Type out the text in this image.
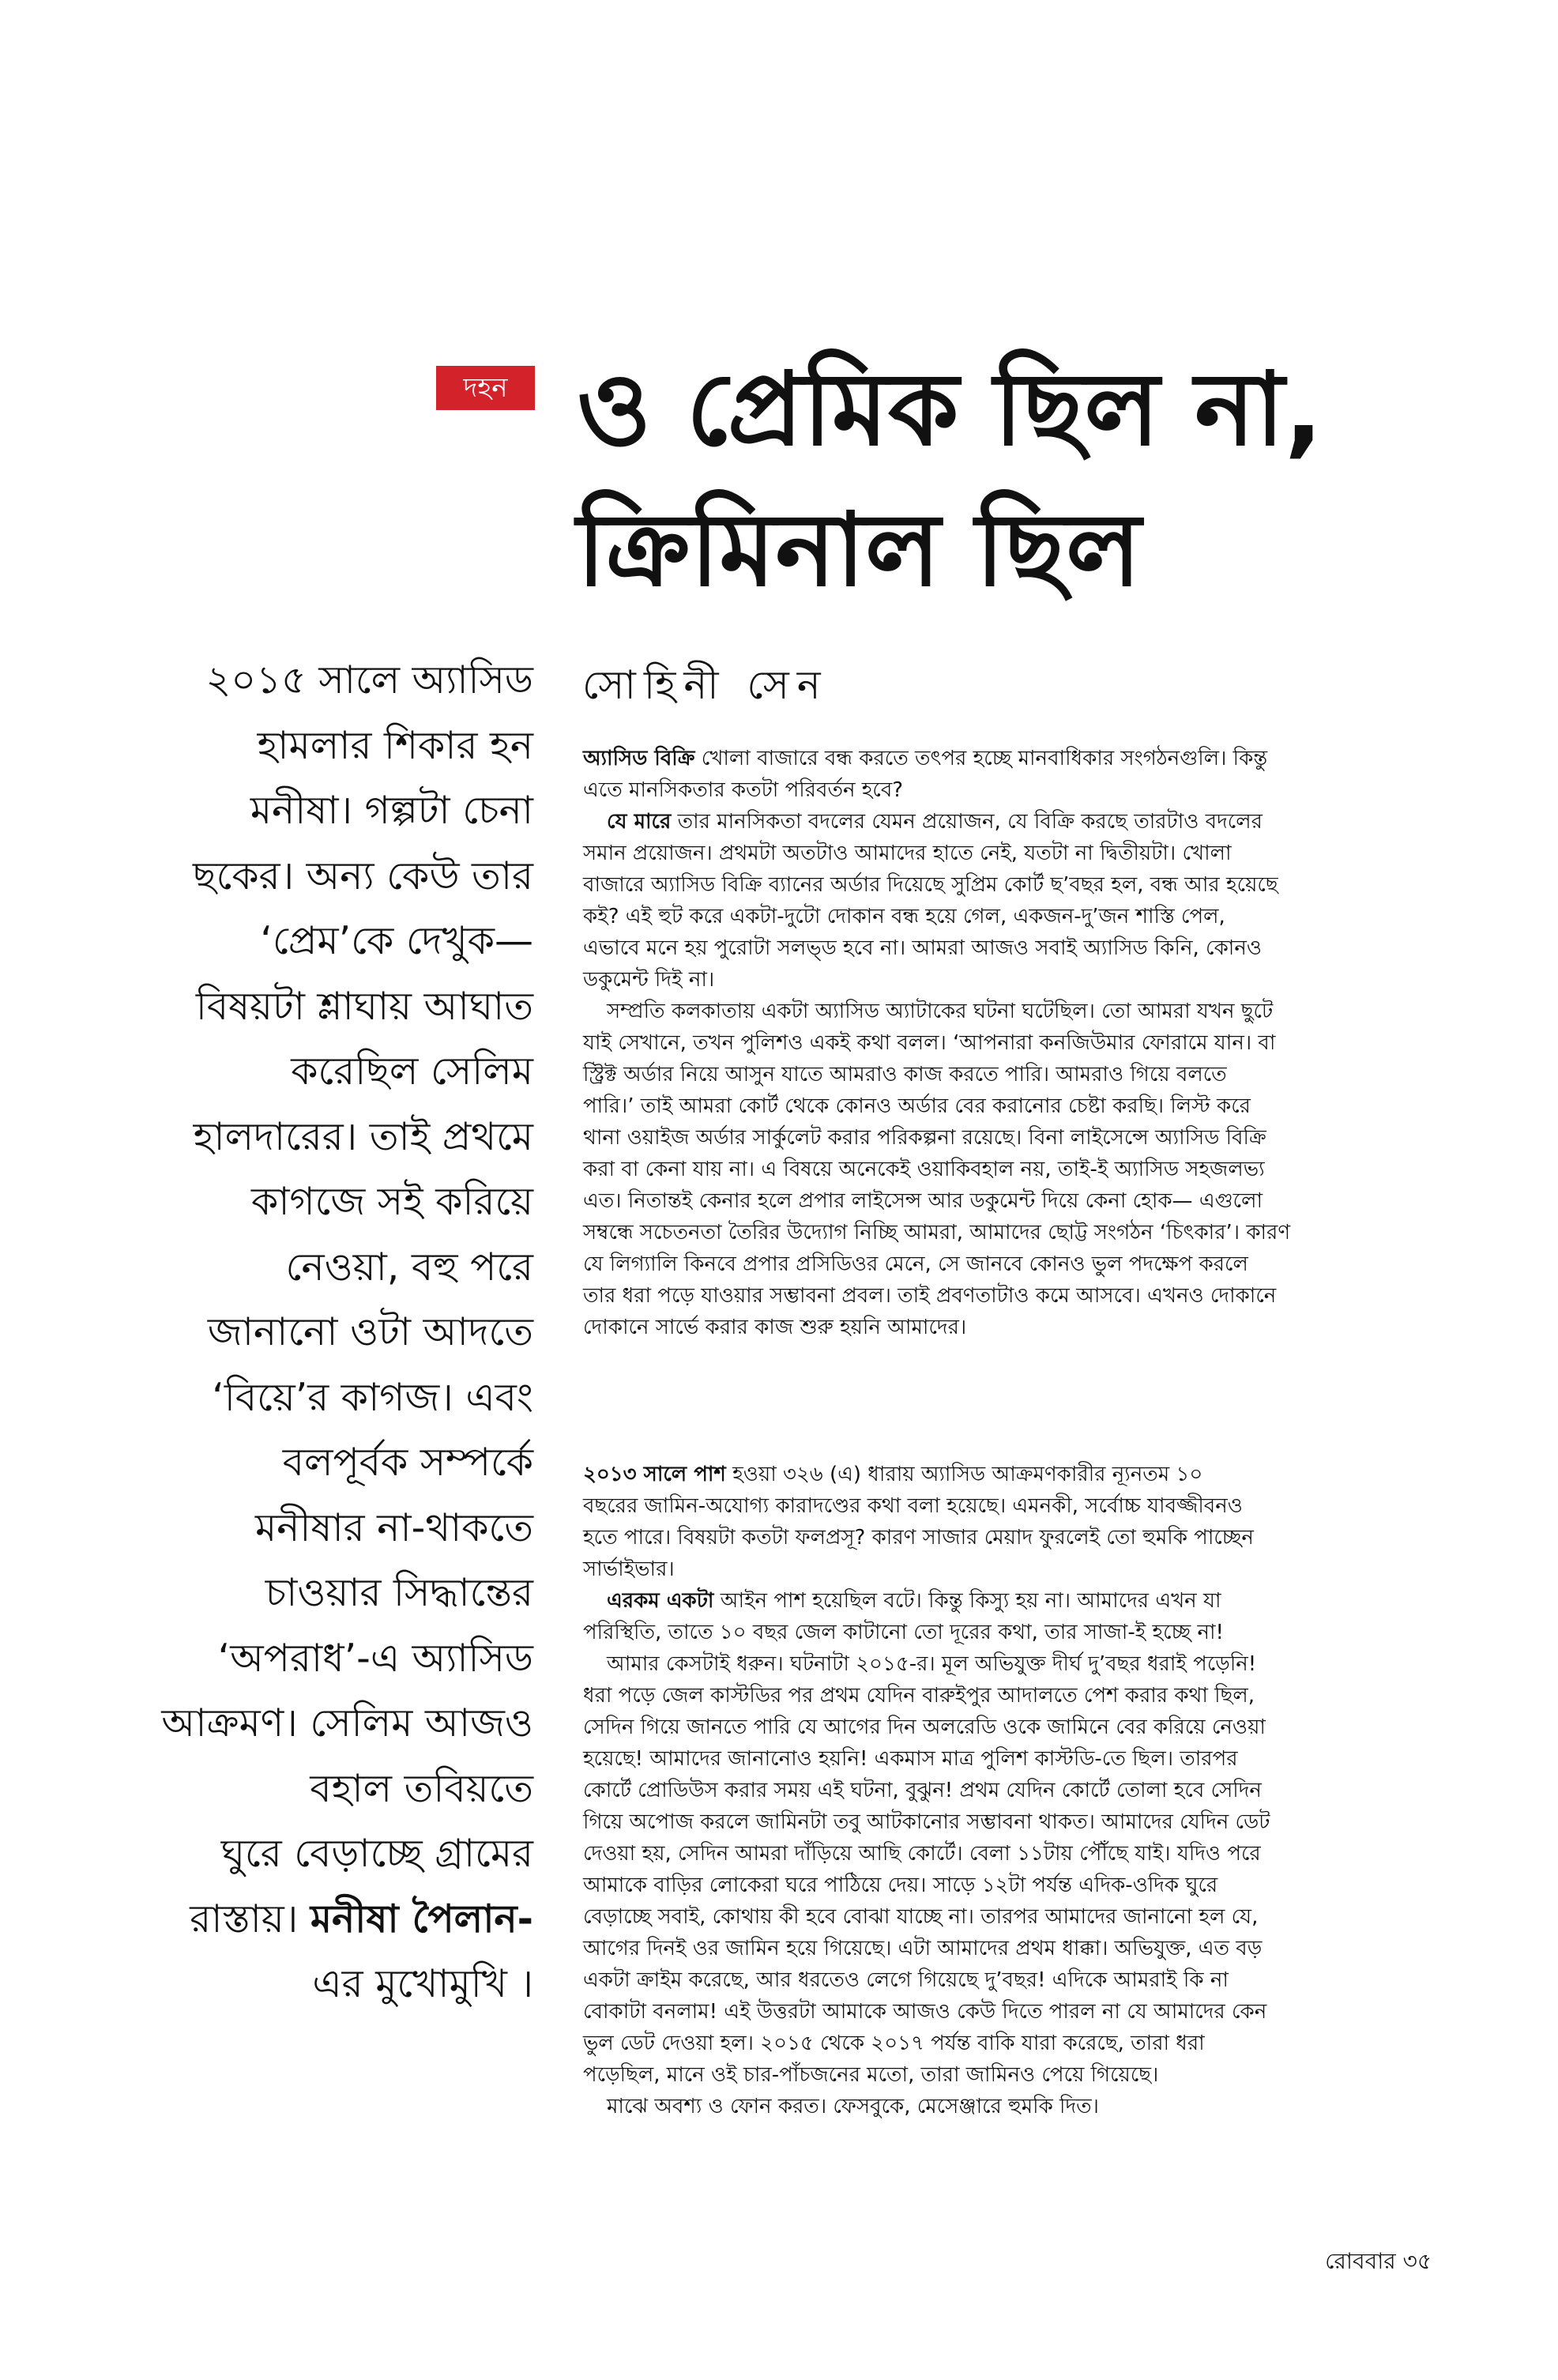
দহন ও প্রেমিক ছিল না,
ক্রিমিনাল ছিল
২০১৫ সালে অ্যাসিড
হামলার শিকার হন
মনীষা। গল্পটা চেনা
ছকের। অন্য কেউ তার
‘প্রেম’কে দেখুক—
বিষয়টা শ্লাঘায় আঘাত
করেছিল সেলিম
হালদারের। তাই প্রথমে
কাগজে সই করিয়ে
নেওয়া, বহু পরে
জানানো ওটা আদতে
‘বিয়ে’র কাগজ। এবং
বলপূর্বক সম্পর্কে
মনীষার না-থাকতে
চাওয়ার সিদ্ধান্তের
‘অপরাধ’-এ অ্যাসিড
আক্রমণ। সেলিম আজও
বহাল তবিয়তে
ঘুরে বেড়াচ্ছে গ্রামের
রাস্তায়। মনীষা পৈলান-
এর মুখোমুখি ।
সোহিনী সেন

অ্যাসিড বিক্রি খোলা বাজারে বন্ধ করতে তৎপর হচ্ছে মানবাধিকার সংগঠনগুলি। কিন্তু
এতে মানসিকতার কতটা পরিবর্তন হবে?

যে মারে তার মানসিকতা বদলের যেমন প্রয়োজন, যে বিক্রি করছে তারটাও বদলের
সমান প্রয়োজন। প্রথমটা অতটাও আমাদের হাতে নেই, যতটা না দ্বিতীয়টা। খোলা
বাজারে অ্যাসিড বিক্রি ব্যানের অর্ডার দিয়েছে সুপ্রিম কোর্ট ছ’বছর হল, বন্ধ আর হয়েছে
কই? এই হুট করে একটা-দুটো দোকান বন্ধ হয়ে গেল, একজন-দু’জন শাস্তি পেল,
এভাবে মনে হয় পুরোটা সলভ্‌ড হবে না। আমরা আজও সবাই অ্যাসিড কিনি, কোনও
ডকুমেন্ট দিই না।

সম্প্রতি কলকাতায় একটা অ্যাসিড অ্যাটাকের ঘটনা ঘটেছিল। তো আমরা যখন ছুটে
যাই সেখানে, তখন পুলিশও একই কথা বলল। ‘আপনারা কনজিউমার ফোরামে যান। বা
স্ট্রিক্ট অর্ডার নিয়ে আসুন যাতে আমরাও কাজ করতে পারি। আমরাও গিয়ে বলতে
পারি।’ তাই আমরা কোর্ট থেকে কোনও অর্ডার বের করানোর চেষ্টা করছি। লিস্ট করে
থানা ওয়াইজ অর্ডার সার্কুলেট করার পরিকল্পনা রয়েছে। বিনা লাইসেন্সে অ্যাসিড বিক্রি
করা বা কেনা যায় না। এ বিষয়ে অনেকেই ওয়াকিবহাল নয়, তাই-ই অ্যাসিড সহজলভ্য
এত। নিতান্তই কেনার হলে প্রপার লাইসেন্স আর ডকুমেন্ট দিয়ে কেনা হোক— এগুলো
সম্বন্ধে সচেতনতা তৈরির উদ্যোগ নিচ্ছি আমরা, আমাদের ছোট্ট সংগঠন ‘চিৎকার’। কারণ
যে লিগ্যালি কিনবে প্রপার প্রসিডিওর মেনে, সে জানবে কোনও ভুল পদক্ষেপ করলে
তার ধরা পড়ে যাওয়ার সম্ভাবনা প্রবল। তাই প্রবণতাটাও কমে আসবে। এখনও দোকানে
দোকানে সার্ভে করার কাজ শুরু হয়নি আমাদের।

২০১৩ সালে পাশ হওয়া ৩২৬ (এ) ধারায় অ্যাসিড আক্রমণকারীর ন্যূনতম ১০
বছরের জামিন-অযোগ্য কারাদণ্ডের কথা বলা হয়েছে। এমনকী, সর্বোচ্চ যাবজ্জীবনও
হতে পারে। বিষয়টা কতটা ফলপ্রসূ? কারণ সাজার মেয়াদ ফুরলেই তো হুমকি পাচ্ছেন
সার্ভাইভার।

এরকম একটা আইন পাশ হয়েছিল বটে। কিন্তু কিস্যু হয় না। আমাদের এখন যা
পরিস্থিতি, তাতে ১০ বছর জেল কাটানো তো দূরের কথা, তার সাজা-ই হচ্ছে না!

আমার কেসটাই ধরুন। ঘটনাটা ২০১৫-র। মূল অভিযুক্ত দীর্ঘ দু’বছর ধরাই পড়েনি!
ধরা পড়ে জেল কাস্টডির পর প্রথম যেদিন বারুইপুর আদালতে পেশ করার কথা ছিল,
সেদিন গিয়ে জানতে পারি যে আগের দিন অলরেডি ওকে জামিনে বের করিয়ে নেওয়া
হয়েছে! আমাদের জানানোও হয়নি! একমাস মাত্র পুলিশ কাস্টডি-তে ছিল। তারপর
কোর্টে প্রোডিউস করার সময় এই ঘটনা, বুঝুন! প্রথম যেদিন কোর্টে তোলা হবে সেদিন
গিয়ে অপোজ করলে জামিনটা তবু আটকানোর সম্ভাবনা থাকত। আমাদের যেদিন ডেট
দেওয়া হয়, সেদিন আমরা দাঁড়িয়ে আছি কোর্টে। বেলা ১১টায় পৌঁছে যাই। যদিও পরে
আমাকে বাড়ির লোকেরা ঘরে পাঠিয়ে দেয়। সাড়ে ১২টা পর্যন্ত এদিক-ওদিক ঘুরে
বেড়াচ্ছে সবাই, কোথায় কী হবে বোঝা যাচ্ছে না। তারপর আমাদের জানানো হল যে,
আগের দিনই ওর জামিন হয়ে গিয়েছে। এটা আমাদের প্রথম ধাক্কা। অভিযুক্ত, এত বড়
একটা ক্রাইম করেছে, আর ধরতেও লেগে গিয়েছে দু’বছর! এদিকে আমরাই কি না
বোকাটা বনলাম! এই উত্তরটা আমাকে আজও কেউ দিতে পারল না যে আমাদের কেন
ভুল ডেট দেওয়া হল। ২০১৫ থেকে ২০১৭ পর্যন্ত বাকি যারা করেছে, তারা ধরা
পড়েছিল, মানে ওই চার-পাঁচজনের মতো, তারা জামিনও পেয়ে গিয়েছে।

মাঝে অবশ্য ও ফোন করত। ফেসবুকে, মেসেঞ্জারে হুমকি দিত।

রোববার ৩৫
